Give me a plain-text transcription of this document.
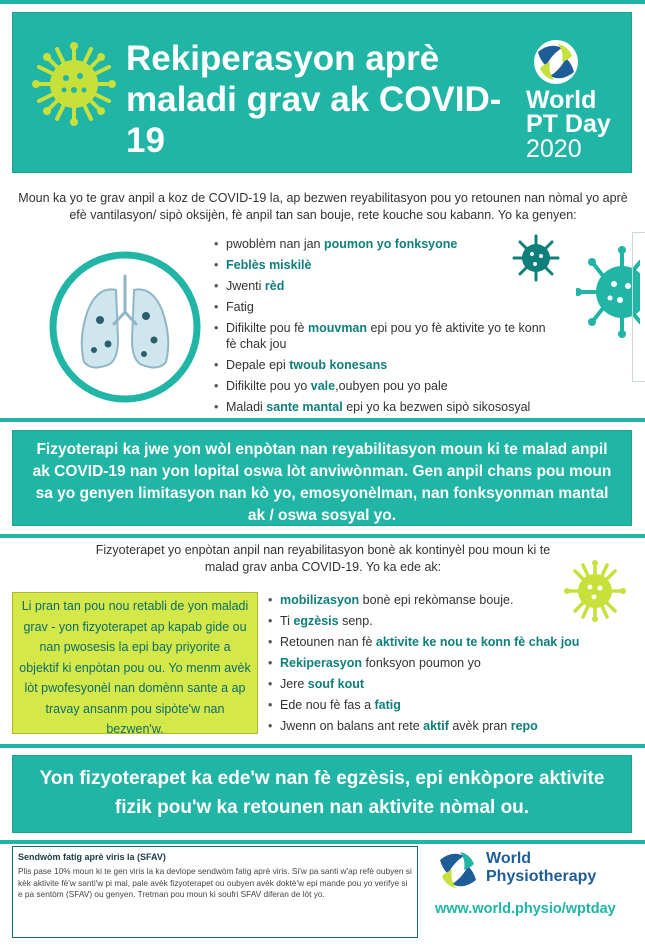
Rekiperasyon aprè maladi grav ak COVID-19
World
PT Day
2020
Moun ka yo te grav anpil a koz de COVID-19 la, ap bezwen reyabilitasyon pou yo retounen nan nòmal yo aprè efè vantilasyon/ sipò oksijèn, fè anpil tan san bouje, rete kouche sou kabann. Yo ka genyen:
• pwoblèm nan jan poumon yo fonksyone
• Feblès miskilè
• Jwenti rèd
• Fatig
• Difikilte pou fè mouvman epi pou yo fè aktivite yo te konn fè chak jou
• Depale epi twoub konesans
• Difikilte pou yo vale,oubyen pou yo pale
• Maladi sante mantal epi yo ka bezwen sipò sikososyal
Fizyoterapi ka jwe yon wòl enpòtan nan reyabilitasyon moun ki te malad anpil ak COVID-19 nan yon lopital oswa lòt anviwònman. Gen anpil chans pou moun sa yo genyen limitasyon nan kò yo, emosyonèlman, nan fonksyonman mantal ak / oswa sosyal yo.
Fizyoterapet yo enpòtan anpil nan reyabilitasyon bonè ak kontinyèl pou moun ki te malad grav anba COVID-19. Yo ka ede ak:
Li pran tan pou nou retabli de yon maladi grav - yon fizyoterapet ap kapab gide ou nan pwosesis la epi bay priyorite a objektif ki enpòtan pou ou. Yo menm avèk lòt pwofesyonèl nan domènn sante a ap travay ansanm pou sipòte'w nan bezwen'w.
• mobilizasyon bonè epi rekòmanse bouje.
• Ti egzèsis senp.
• Retounen nan fè aktivite ke nou te konn fè chak jou
• Rekiperasyon fonksyon poumon yo
• Jere souf kout
• Ede nou fè fas a fatig
• Jwenn on balans ant rete aktif avèk pran repo
Yon fizyoterapet ka ede'w nan fè egzèsis, epi enkòpore aktivite fizik pou'w ka retounen nan aktivite nòmal ou.
Sendwòm fatig aprè viris la (SFAV)
Plis pase 10% moun ki te gen viris la ka devlope sendwòm fatig aprè viris. Si'w pa santi w'ap refè oubyen si kèk aktivite fè'w santi'w pi mal, pale avèk fizyoterapet ou oubyen avèk doktè'w epi mande pou yo verifye si e pa sentòm (SFAV) ou genyen. Tretman pou moun ki soufri SFAV diferan de lòt yo.
World
Physiotherapy
www.world.physio/wptday
